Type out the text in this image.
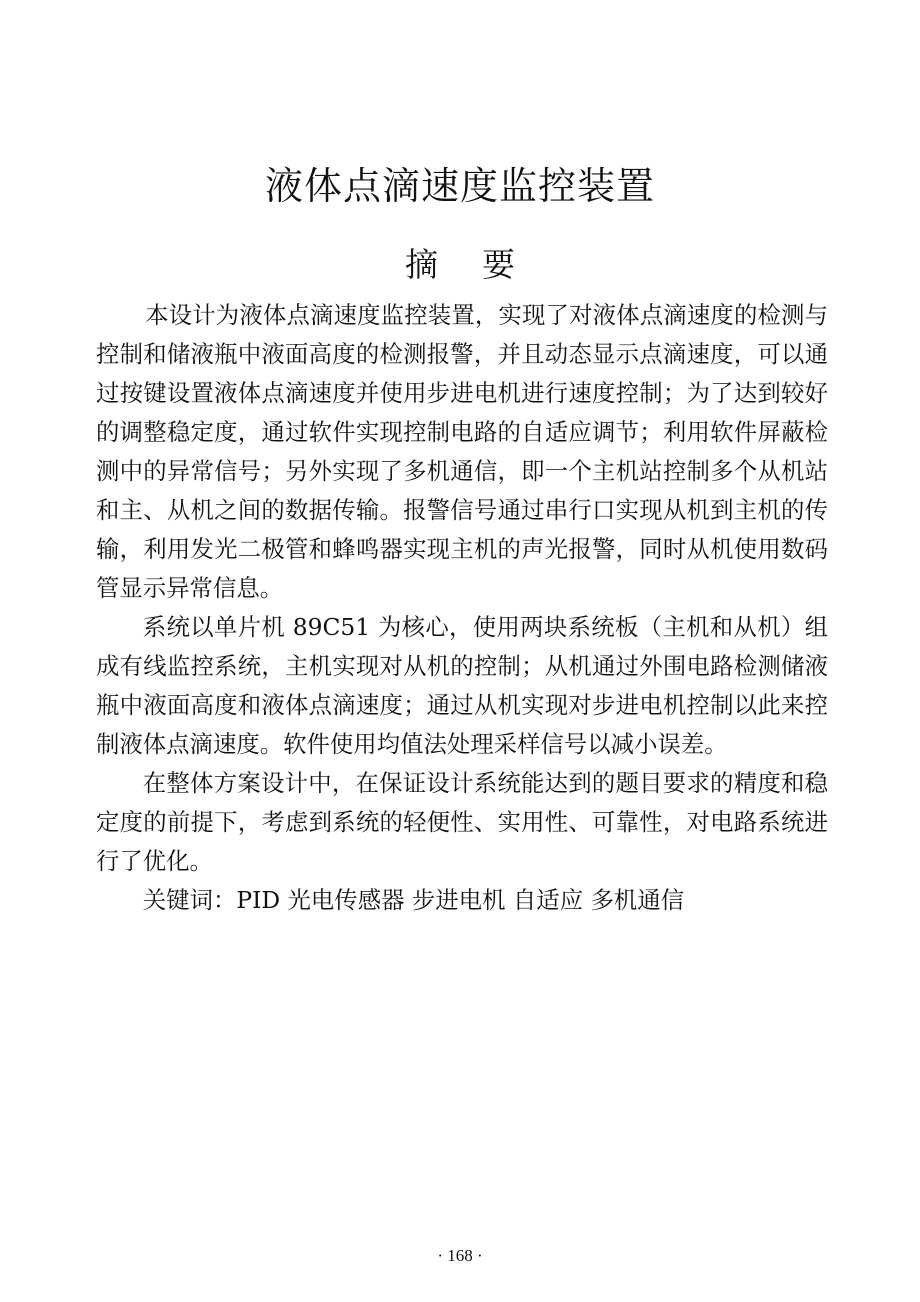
液体点滴速度监控装置
摘 要

本设计为液体点滴速度监控装置，实现了对液体点滴速度的检测与控制和储液瓶中液面高度的检测报警，并且动态显示点滴速度，可以通过按键设置液体点滴速度并使用步进电机进行速度控制；为了达到较好的调整稳定度，通过软件实现控制电路的自适应调节；利用软件屏蔽检测中的异常信号；另外实现了多机通信，即一个主机站控制多个从机站和主、从机之间的数据传输。报警信号通过串行口实现从机到主机的传输，利用发光二极管和蜂鸣器实现主机的声光报警，同时从机使用数码管显示异常信息。

系统以单片机 89C51 为核心，使用两块系统板（主机和从机）组成有线监控系统，主机实现对从机的控制；从机通过外围电路检测储液瓶中液面高度和液体点滴速度；通过从机实现对步进电机控制以此来控制液体点滴速度。软件使用均值法处理采样信号以减小误差。

在整体方案设计中，在保证设计系统能达到的题目要求的精度和稳定度的前提下，考虑到系统的轻便性、实用性、可靠性，对电路系统进行了优化。

关键词：PID 光电传感器 步进电机 自适应 多机通信

· 168 ·
